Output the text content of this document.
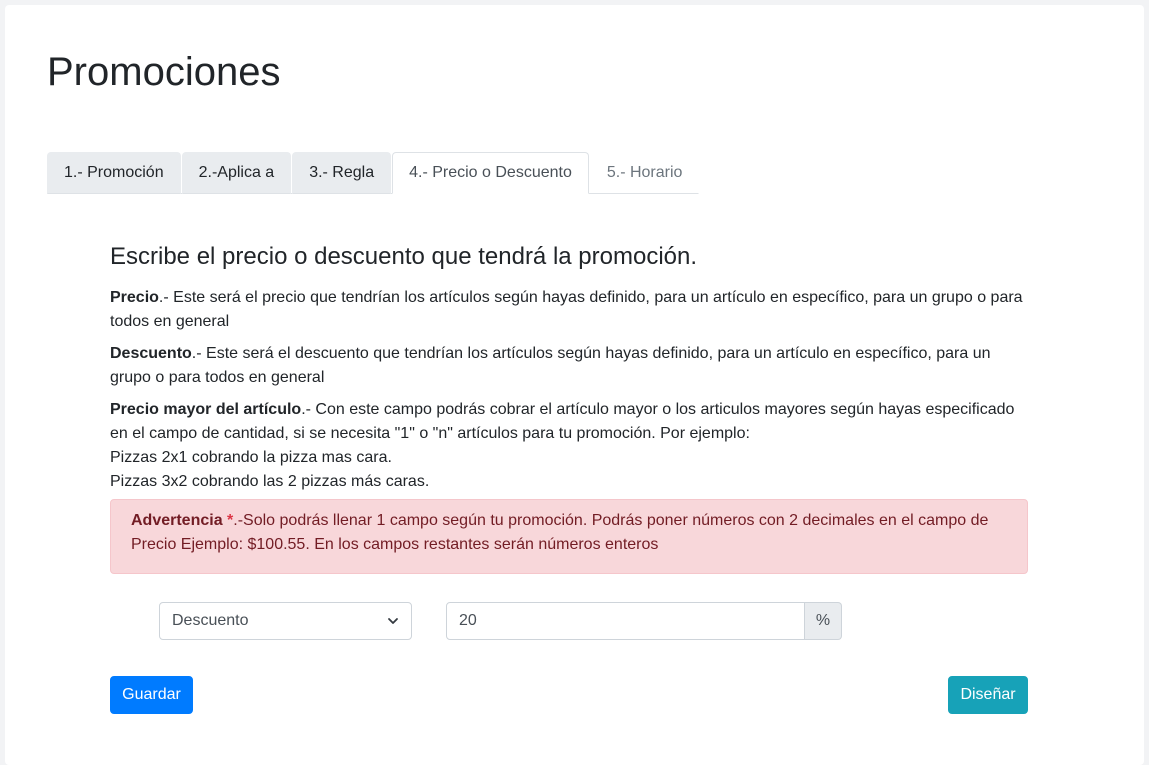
Promociones
1.- Promoción	2.-Aplica a	3.- Regla	4.- Precio o Descuento	5.- Horario
Escribe el precio o descuento que tendrá la promoción.

Precio.- Este será el precio que tendrían los artículos según hayas definido, para un artículo en específico, para un grupo o para todos en general

Descuento.- Este será el descuento que tendrían los artículos según hayas definido, para un artículo en específico, para un grupo o para todos en general

Precio mayor del artículo.- Con este campo podrás cobrar el artículo mayor o los articulos mayores según hayas especificado en el campo de cantidad, si se necesita "1" o "n" artículos para tu promoción. Por ejemplo:
Pizzas 2x1 cobrando la pizza mas cara.
Pizzas 3x2 cobrando las 2 pizzas más caras.

Advertencia *.-Solo podrás llenar 1 campo según tu promoción. Podrás poner números con 2 decimales en el campo de Precio Ejemplo: $100.55. En los campos restantes serán números enteros
Descuento	20	%
Guardar	Diseñar
